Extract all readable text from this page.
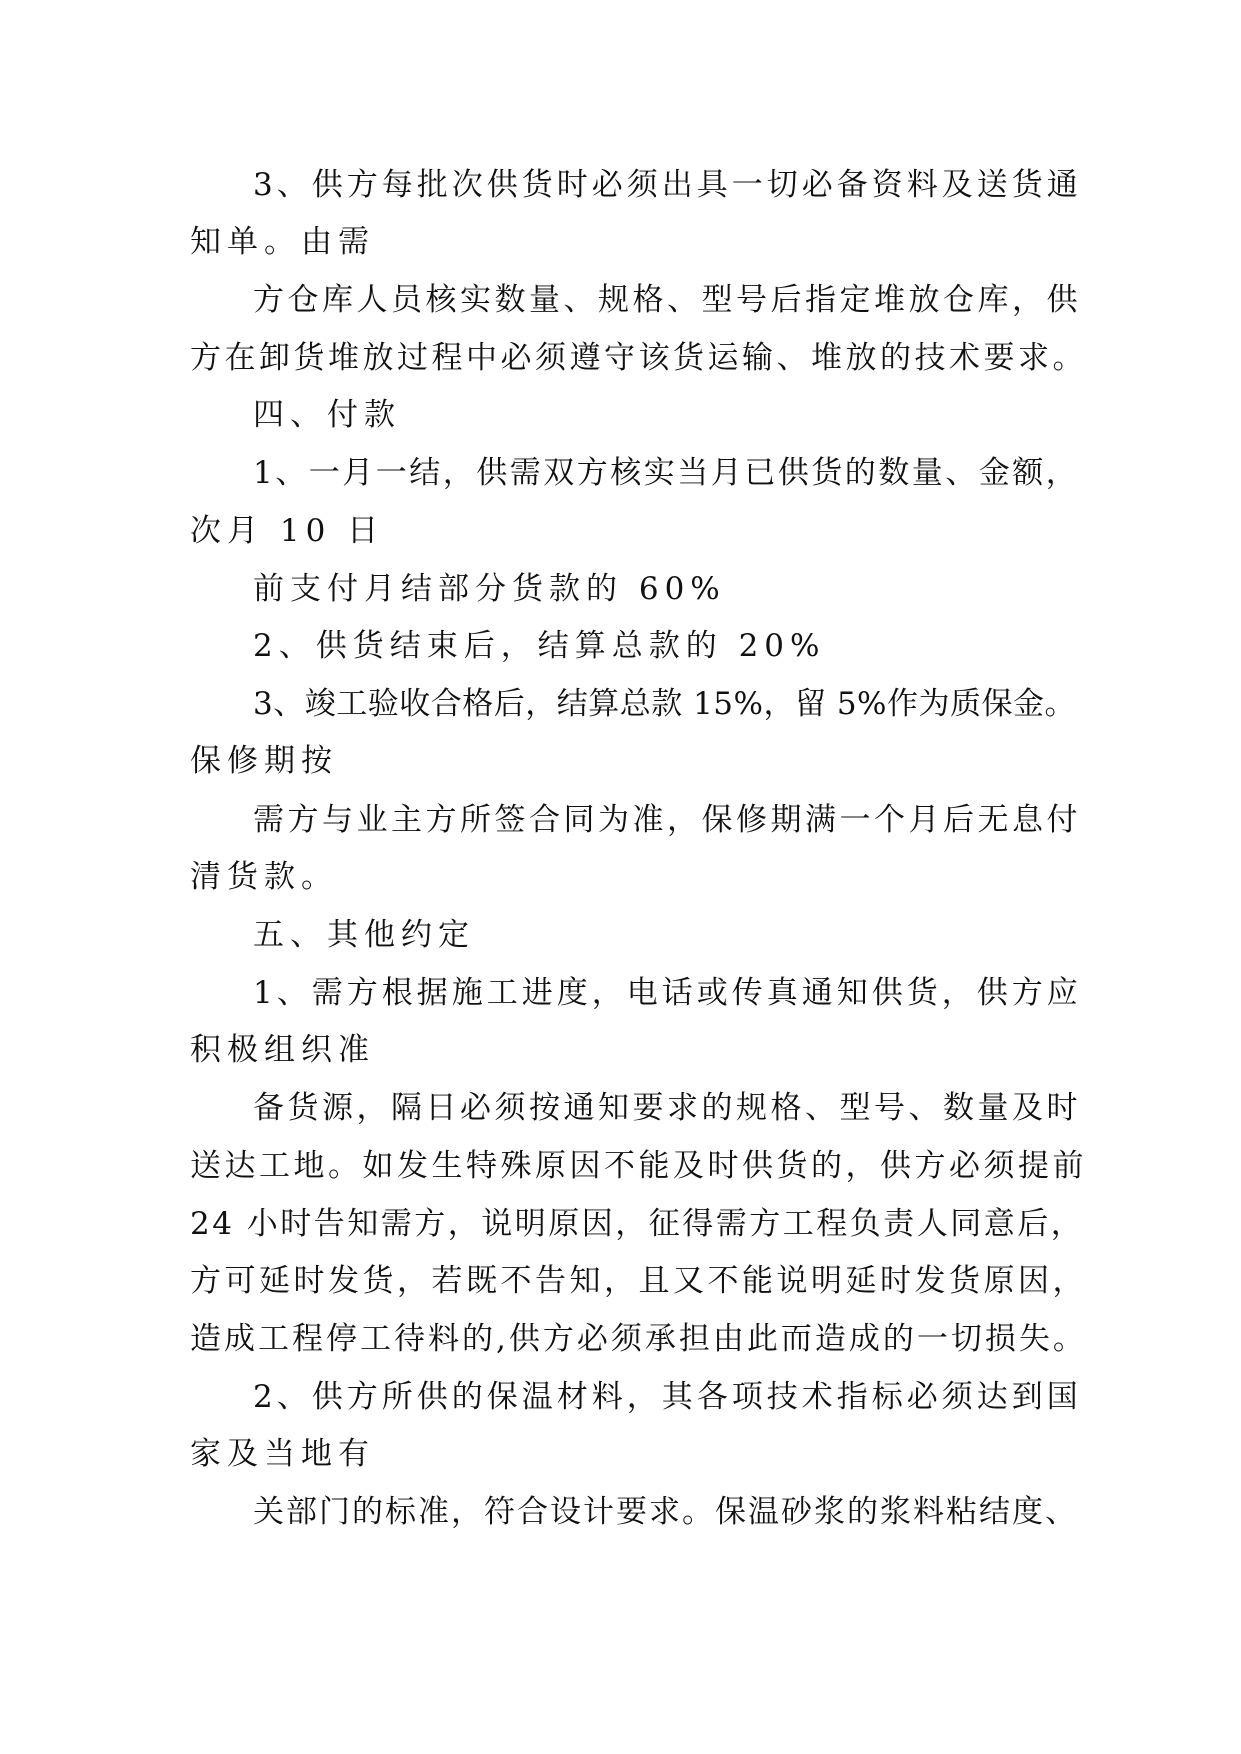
3、供方每批次供货时必须出具一切必备资料及送货通
知单。由需
方仓库人员核实数量、规格、型号后指定堆放仓库，供
方在卸货堆放过程中必须遵守该货运输、堆放的技术要求。
四、付款
1、一月一结，供需双方核实当月已供货的数量、金额，
次月 10 日
前支付月结部分货款的 60%
2、供货结束后，结算总款的 20%
3、竣工验收合格后，结算总款 15%，留 5%作为质保金。
保修期按
需方与业主方所签合同为准，保修期满一个月后无息付
清货款。
五、其他约定
1、需方根据施工进度，电话或传真通知供货，供方应
积极组织准
备货源，隔日必须按通知要求的规格、型号、数量及时
送达工地。如发生特殊原因不能及时供货的，供方必须提前
24 小时告知需方，说明原因，征得需方工程负责人同意后，
方可延时发货，若既不告知，且又不能说明延时发货原因，
造成工程停工待料的,供方必须承担由此而造成的一切损失。
2、供方所供的保温材料，其各项技术指标必须达到国
家及当地有
关部门的标准，符合设计要求。保温砂浆的浆料粘结度、
